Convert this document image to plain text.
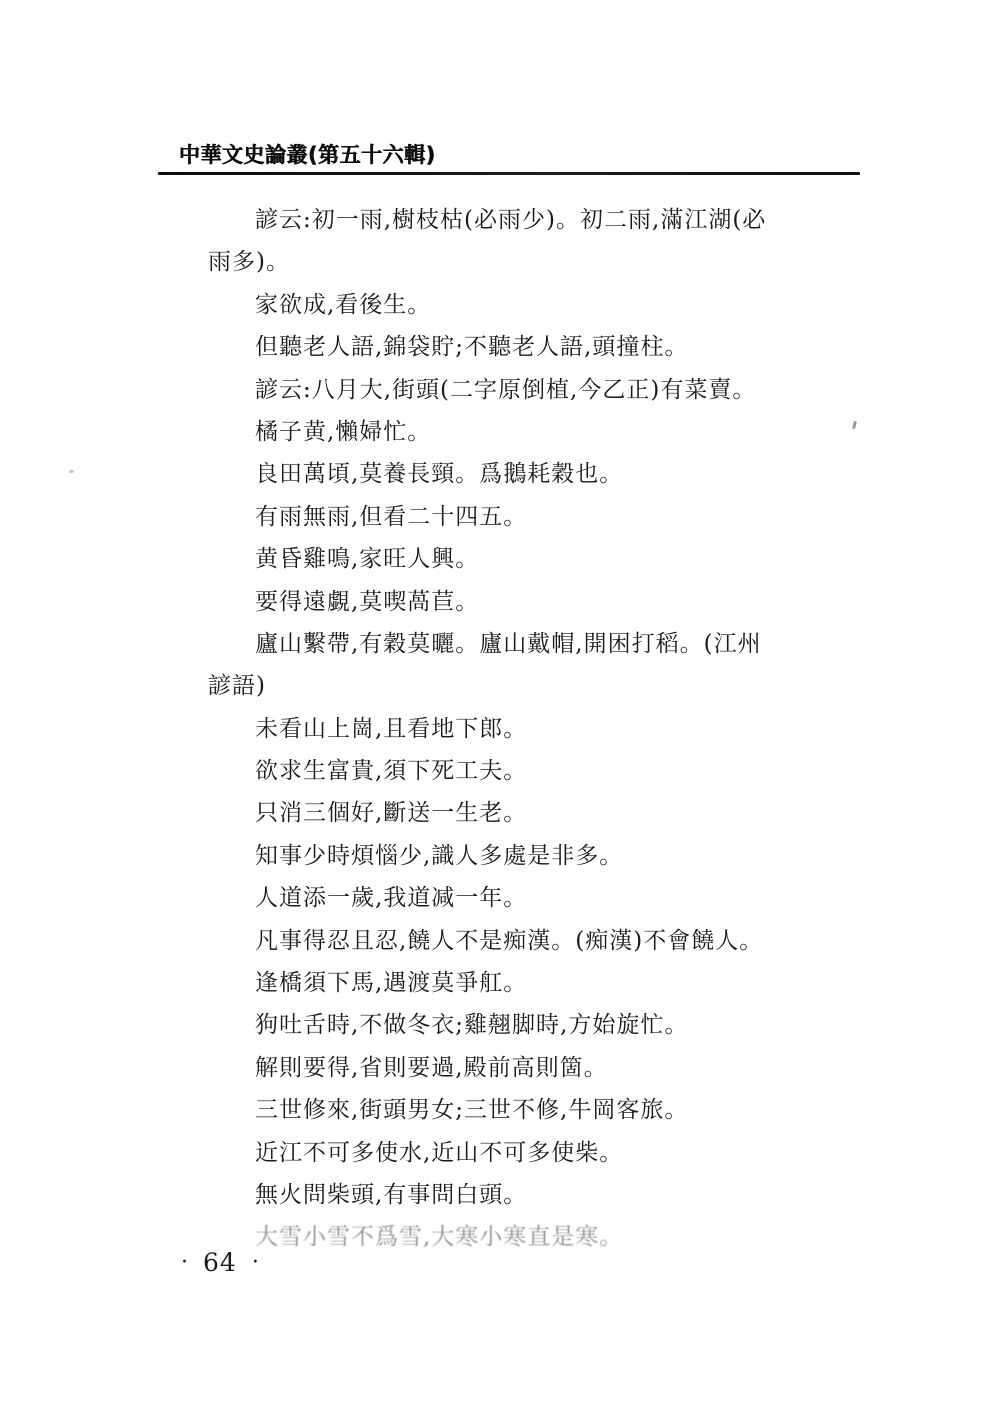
中華文史論叢(第五十六輯)
諺云:初一雨,樹枝枯(必雨少)。初二雨,滿江湖(必
雨多)。
家欲成,看後生。
但聽老人語,錦袋貯;不聽老人語,頭撞柱。
諺云:八月大,街頭(二字原倒植,今乙正)有菜賣。
橘子黄,懶婦忙。
良田萬頃,莫養長頸。爲鵝耗穀也。
有雨無雨,但看二十四五。
黄昏雞鳴,家旺人興。
要得遠覷,莫喫萵苣。
廬山繫帶,有穀莫曬。廬山戴帽,開困打稻。(江州
諺語)
未看山上崗,且看地下郎。
欲求生富貴,須下死工夫。
只消三個好,斷送一生老。
知事少時煩惱少,識人多處是非多。
人道添一歲,我道减一年。
凡事得忍且忍,饒人不是痴漢。(痴漢)不會饒人。
逢橋須下馬,遇渡莫爭舡。
狗吐舌時,不做冬衣;雞翹脚時,方始旋忙。
解則要得,省則要過,殿前高則箇。
三世修來,街頭男女;三世不修,牛岡客旅。
近江不可多使水,近山不可多使柴。
無火問柴頭,有事問白頭。
大雪小雪不爲雪,大寒小寒直是寒。
· 64 ·
